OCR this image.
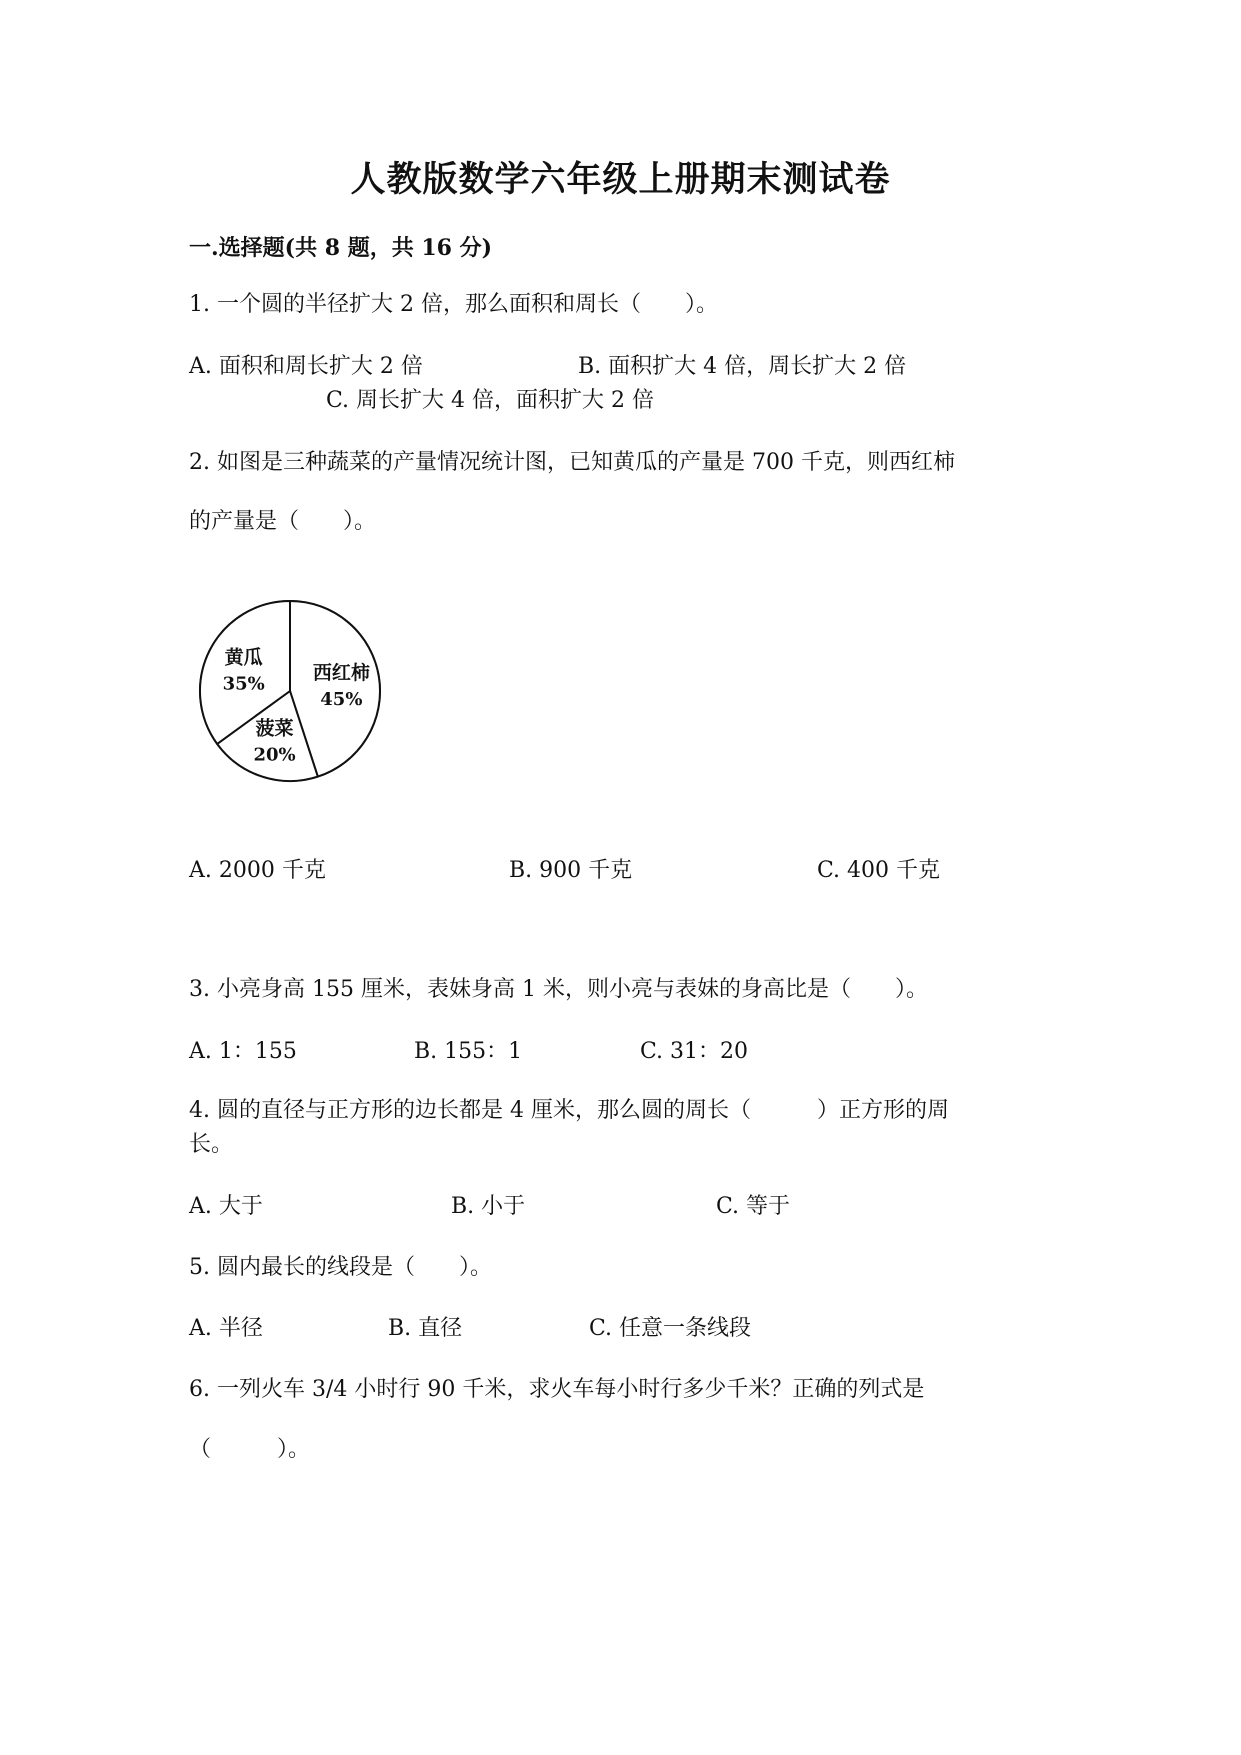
人教版数学六年级上册期末测试卷
一.选择题(共 8 题，共 16 分)
1. 一个圆的半径扩大 2 倍，那么面积和周长（　　）。
A. 面积和周长扩大 2 倍	B. 面积扩大 4 倍，周长扩大 2 倍
C. 周长扩大 4 倍，面积扩大 2 倍
2. 如图是三种蔬菜的产量情况统计图，已知黄瓜的产量是 700 千克，则西红柿
的产量是（　　）。
西红柿
45%
菠菜
20%
黄瓜
35%
A. 2000 千克	B. 900 千克	C. 400 千克
3. 小亮身高 155 厘米，表妹身高 1 米，则小亮与表妹的身高比是（　　）。
A. 1：155	B. 155：1	C. 31：20
4. 圆的直径与正方形的边长都是 4 厘米，那么圆的周长（　　　）正方形的周
长。
A. 大于	B. 小于	C. 等于
5. 圆内最长的线段是（　　）。
A. 半径	B. 直径	C. 任意一条线段
6. 一列火车 3/4 小时行 90 千米，求火车每小时行多少千米？正确的列式是
（　　　）。
